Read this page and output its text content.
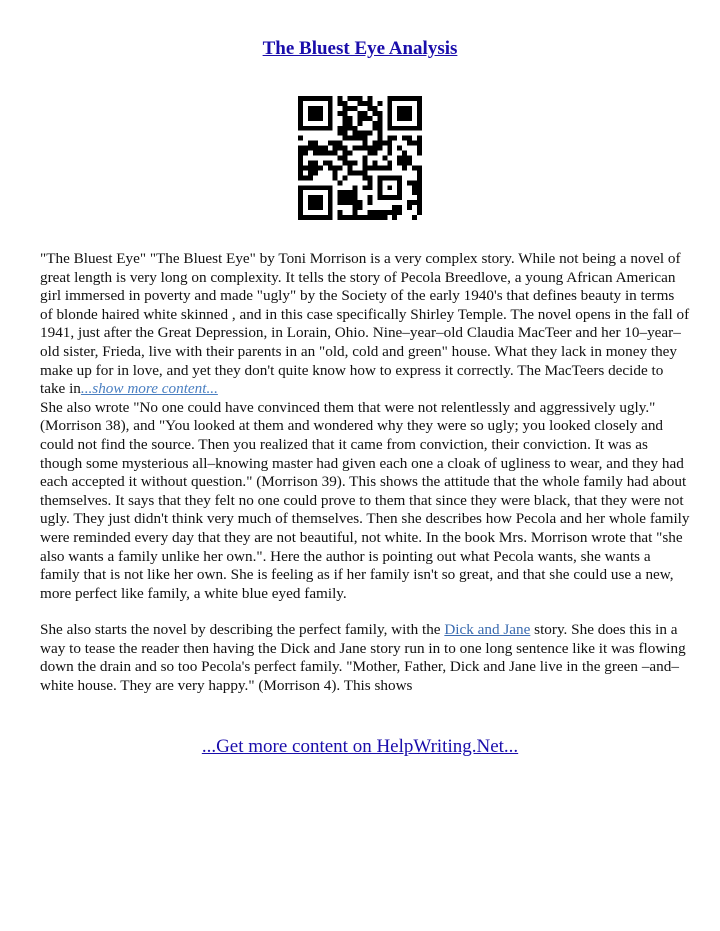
The Bluest Eye Analysis

"The Bluest Eye" "The Bluest Eye" by Toni Morrison is a very complex story. While not being a novel of great length is very long on complexity. It tells the story of Pecola Breedlove, a young African American girl immersed in poverty and made "ugly" by the Society of the early 1940's that defines beauty in terms of blonde haired white skinned , and in this case specifically Shirley Temple. The novel opens in the fall of 1941, just after the Great Depression, in Lorain, Ohio. Nine–year–old Claudia MacTeer and her 10–year–old sister, Frieda, live with their parents in an "old, cold and green" house. What they lack in money they make up for in love, and yet they don't quite know how to express it correctly. The MacTeers decide to take in...show more content...

She also wrote "No one could have convinced them that were not relentlessly and aggressively ugly." (Morrison 38), and "You looked at them and wondered why they were so ugly; you looked closely and could not find the source. Then you realized that it came from conviction, their conviction. It was as though some mysterious all–knowing master had given each one a cloak of ugliness to wear, and they had each accepted it without question." (Morrison 39). This shows the attitude that the whole family had about themselves. It says that they felt no one could prove to them that since they were black, that they were not ugly. They just didn't think very much of themselves. Then she describes how Pecola and her whole family were reminded every day that they are not beautiful, not white. In the book Mrs. Morrison wrote that "she also wants a family unlike her own.". Here the author is pointing out what Pecola wants, she wants a family that is not like her own. She is feeling as if her family isn't so great, and that she could use a new, more perfect like family, a white blue eyed family.

She also starts the novel by describing the perfect family, with the Dick and Jane story. She does this in a way to tease the reader then having the Dick and Jane story run in to one long sentence like it was flowing down the drain and so too Pecola's perfect family. "Mother, Father, Dick and Jane live in the green –and– white house. They are very happy." (Morrison 4). This shows

...Get more content on HelpWriting.Net...
